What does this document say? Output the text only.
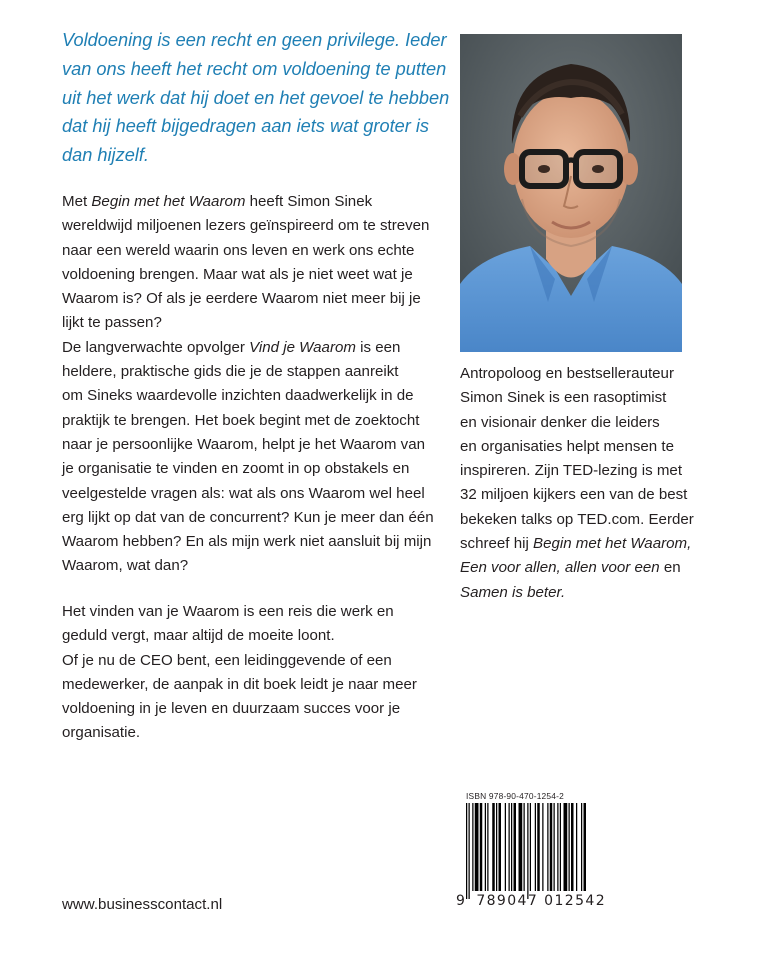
Voldoening is een recht en geen privilege. Ieder
van ons heeft het recht om voldoening te putten
uit het werk dat hij doet en het gevoel te hebben
dat hij heeft bijgedragen aan iets wat groter is
dan hijzelf.
Met Begin met het Waarom heeft Simon Sinek
wereldwijd miljoenen lezers geïnspireerd om te streven
naar een wereld waarin ons leven en werk ons echte
voldoening brengen. Maar wat als je niet weet wat je
Waarom is? Of als je eerdere Waarom niet meer bij je
lijkt te passen?
De langverwachte opvolger Vind je Waarom is een
heldere, praktische gids die je de stappen aanreikt
om Sineks waardevolle inzichten daadwerkelijk in de
praktijk te brengen. Het boek begint met de zoektocht
naar je persoonlijke Waarom, helpt je het Waarom van
je organisatie te vinden en zoomt in op obstakels en
veelgestelde vragen als: wat als ons Waarom wel heel
erg lijkt op dat van de concurrent? Kun je meer dan één
Waarom hebben? En als mijn werk niet aansluit bij mijn
Waarom, wat dan?
Het vinden van je Waarom is een reis die werk en
geduld vergt, maar altijd de moeite loont.
Of je nu de CEO bent, een leidinggevende of een
medewerker, de aanpak in dit boek leidt je naar meer
voldoening in je leven en duurzaam succes voor je
organisatie.
Antropoloog en bestsellerauteur
Simon Sinek is een rasoptimist
en visionair denker die leiders
en organisaties helpt mensen te
inspireren. Zijn TED-lezing is met
32 miljoen kijkers een van de best
bekeken talks op TED.com. Eerder
schreef hij Begin met het Waarom,
Een voor allen, allen voor een en
Samen is beter.
www.businesscontact.nl
ISBN 978-90-470-1254-2
9 789047 012542
